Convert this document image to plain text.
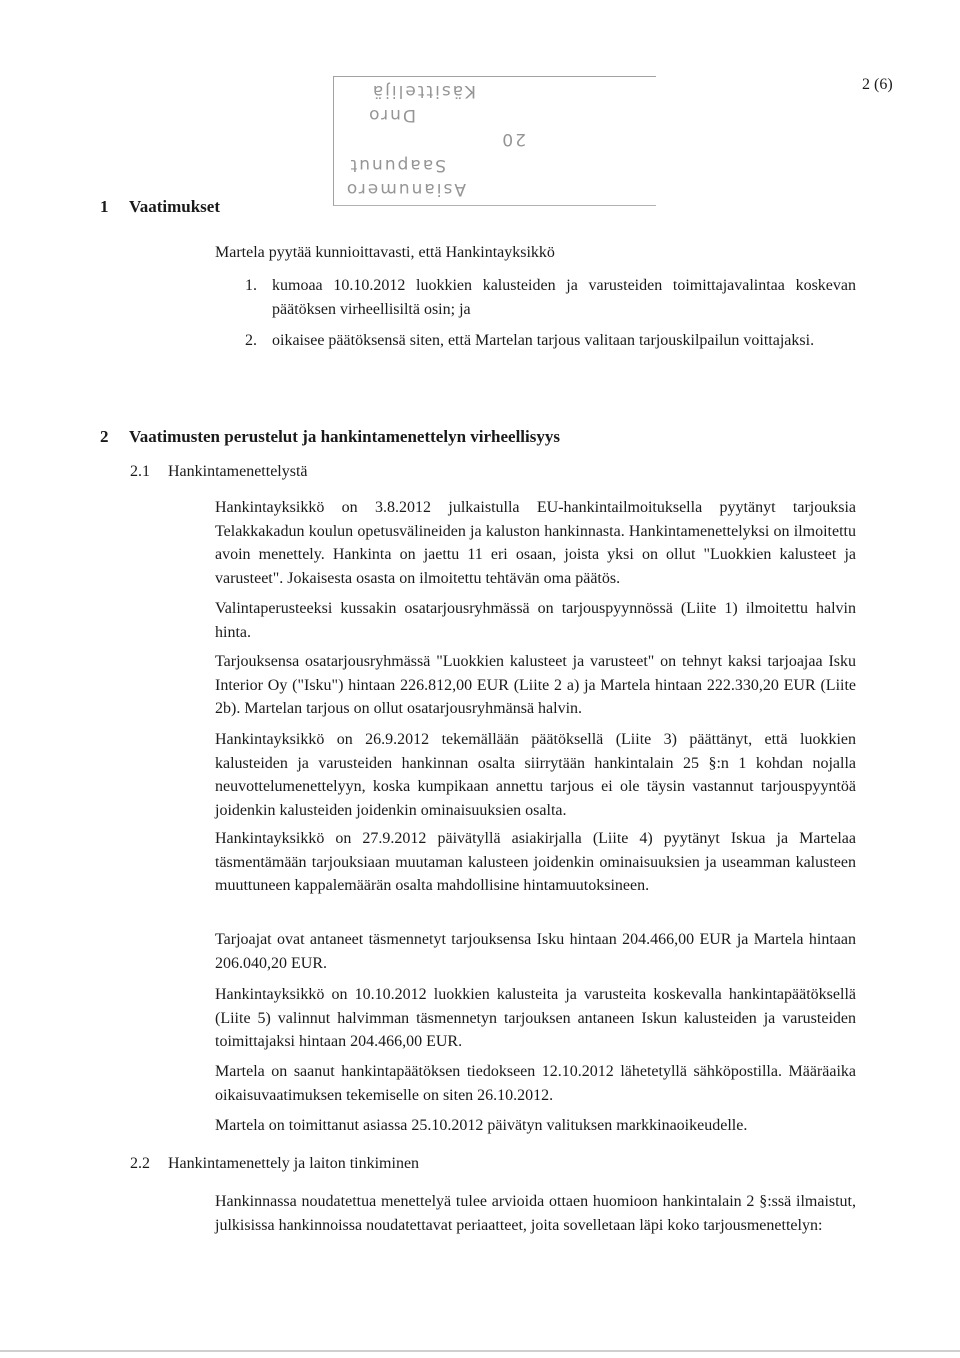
2 (6)
Asianumero
Saapunut
20
Dnro
Käsittelijä
1 Vaatimukset
Martela pyytää kunnioittavasti, että Hankintayksikkö
1. kumoaa 10.10.2012 luokkien kalusteiden ja varusteiden toimittajavalintaa koskevan päätöksen virheellisiltä osin; ja
2. oikaisee päätöksensä siten, että Martelan tarjous valitaan tarjouskilpailun voittajaksi.
2 Vaatimusten perustelut ja hankintamenettelyn virheellisyys
2.1 Hankintamenettelystä
Hankintayksikkö on 3.8.2012 julkaistulla EU-hankintailmoituksella pyytänyt tarjouksia Telakkakadun koulun opetusvälineiden ja kaluston hankinnasta. Hankintamenettelyksi on ilmoitettu avoin menettely. Hankinta on jaettu 11 eri osaan, joista yksi on ollut "Luokkien kalusteet ja varusteet". Jokaisesta osasta on ilmoitettu tehtävän oma päätös.
Valintaperusteeksi kussakin osatarjousryhmässä on tarjouspyynnössä (Liite 1) ilmoitettu halvin hinta.
Tarjouksensa osatarjousryhmässä "Luokkien kalusteet ja varusteet" on tehnyt kaksi tarjoajaa Isku Interior Oy ("Isku") hintaan 226.812,00 EUR (Liite 2 a) ja Martela hintaan 222.330,20 EUR (Liite 2b). Martelan tarjous on ollut osatarjousryhmänsä halvin.
Hankintayksikkö on 26.9.2012 tekemällään päätöksellä (Liite 3) päättänyt, että luokkien kalusteiden ja varusteiden hankinnan osalta siirrytään hankintalain 25 §:n 1 kohdan nojalla neuvottelumenettelyyn, koska kumpikaan annettu tarjous ei ole täysin vastannut tarjouspyyntöä joidenkin kalusteiden joidenkin ominaisuuksien osalta.
Hankintayksikkö on 27.9.2012 päivätyllä asiakirjalla (Liite 4) pyytänyt Iskua ja Martelaa täsmentämään tarjouksiaan muutaman kalusteen joidenkin ominaisuuksien ja useamman kalusteen muuttuneen kappalemäärän osalta mahdollisine hintamuutoksineen.
Tarjoajat ovat antaneet täsmennetyt tarjouksensa Isku hintaan 204.466,00 EUR ja Martela hintaan 206.040,20 EUR.
Hankintayksikkö on 10.10.2012 luokkien kalusteita ja varusteita koskevalla hankintapäätöksellä (Liite 5) valinnut halvimman täsmennetyn tarjouksen antaneen Iskun kalusteiden ja varusteiden toimittajaksi hintaan 204.466,00 EUR.
Martela on saanut hankintapäätöksen tiedokseen 12.10.2012 lähetetyllä sähköpostilla. Määräaika oikaisuvaatimuksen tekemiselle on siten 26.10.2012.
Martela on toimittanut asiassa 25.10.2012 päivätyn valituksen markkinaoikeudelle.
2.2 Hankintamenettely ja laiton tinkiminen
Hankinnassa noudatettua menettelyä tulee arvioida ottaen huomioon hankintalain 2 §:ssä ilmaistut, julkisissa hankinnoissa noudatettavat periaatteet, joita sovelletaan läpi koko tarjousmenettelyn:
